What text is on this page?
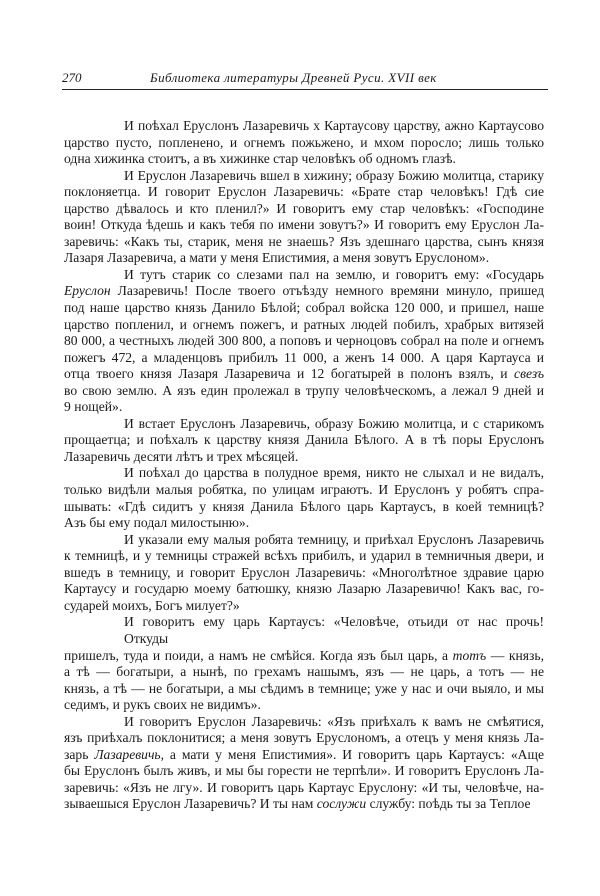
270	Библиотека литературы Древней Руси. XVII век
И поѣхал Еруслонъ Лазаревичь х Картаусову царству, ажно Картаусово
царство пусто, попленено, и огнемъ пожьжено, и мхом поросло; лишь только
одна хижинка стоитъ, а въ хижинке стар человѣкъ об одномъ глазѣ.
И Еруслон Лазаревичь вшел в хижину; образу Божию молитца, старику
поклоняетца. И говорит Еруслон Лазаревичь: «Брате стар человѣкъ! Гдѣ сие
царство дѣвалось и кто пленил?» И говоритъ ему стар человѣкъ: «Господине
воин! Откуда ѣдешь и какъ тебя по имени зовутъ?» И говоритъ ему Еруслон Ла-
заревичь: «Какъ ты, старик, меня не знаешь? Язъ здешнаго царства, сынъ князя
Лазаря Лазаревича, а мати у меня Епистимия, а меня зовутъ Еруслоном».
И тутъ старик со слезами пал на землю, и говоритъ ему: «Государь
Еруслон Лазаревичь! После твоего отъѣзду немного времяни минуло, пришед
под наше царство князь Данило Бѣлой; собрал войска 120 000, и пришел, наше
царство попленил, и огнемъ пожегъ, и ратных людей побилъ, храбрых витязей
80 000, а честныхъ людей 300 800, а поповъ и черноцовъ собрал на поле и огнемъ
пожегъ 472, а младенцовъ прибилъ 11 000, а женъ 14 000. А царя Картауса и
отца твоего князя Лазаря Лазаревича и 12 богатырей в полонъ взялъ, и свезъ
во свою землю. А язъ един пролежал в трупу человѣческомъ, а лежал 9 дней и
9 нощей».
И встает Еруслонъ Лазаревичь, образу Божию молитца, и с старикомъ
прощаетца; и поѣхалъ к царству князя Данила Бѣлого. А в тѣ поры Еруслонъ
Лазаревичь десяти лѣтъ и трех мѣсяцей.
И поѣхал до царства в полудное время, никто не слыхал и не видалъ,
только видѣли малыя робятка, по улицам играютъ. И Еруслонъ у робятъ спра-
шывать: «Гдѣ сидитъ у князя Данила Бѣлого царь Картаусъ, в коей темницѣ?
Азъ бы ему подал милостыню».
И указали ему малыя робята темницу, и приѣхал Еруслонъ Лазаревичь
к темницѣ, и у темницы стражей всѣхъ прибилъ, и ударил в темничныя двери, и
вшедъ в темницу, и говорит Еруслон Лазаревичь: «Многолѣтное здравие царю
Картаусу и государю моему батюшку, князю Лазарю Лазаревичю! Какъ вас, го-
сударей моихъ, Богъ милует?»
И говоритъ ему царь Картаусъ: «Человѣче, отьиди от нас прочь! Откуды
пришелъ, туда и поиди, а намъ не смѣйся. Когда язъ был царь, а тотъ — князь,
а тѣ — богатыри, а нынѣ, по грехамъ нашымъ, язъ — не царь, а тотъ — не
князь, а тѣ — не богатыри, а мы сѣдимъ в темнице; уже у нас и очи выяло, и мы
седимъ, и рукъ своих не видимъ».
И говоритъ Еруслон Лазаревичь: «Язъ приѣхалъ к вамъ не смѣятися,
язъ приѣхалъ поклонитися; а меня зовутъ Еруслономъ, а отецъ у меня князь Ла-
зарь Лазаревичь, а мати у меня Епистимия». И говоритъ царь Картаусъ: «Аще
бы Еруслонъ былъ живъ, и мы бы горести не терпѣли». И говоритъ Еруслонъ Ла-
заревичь: «Язъ не лгу». И говоритъ царь Картаус Еруслону: «И ты, человѣче, на-
зываешыся Еруслон Лазаревичь? И ты нам сослужи службу: поѣдь ты за Теплое
